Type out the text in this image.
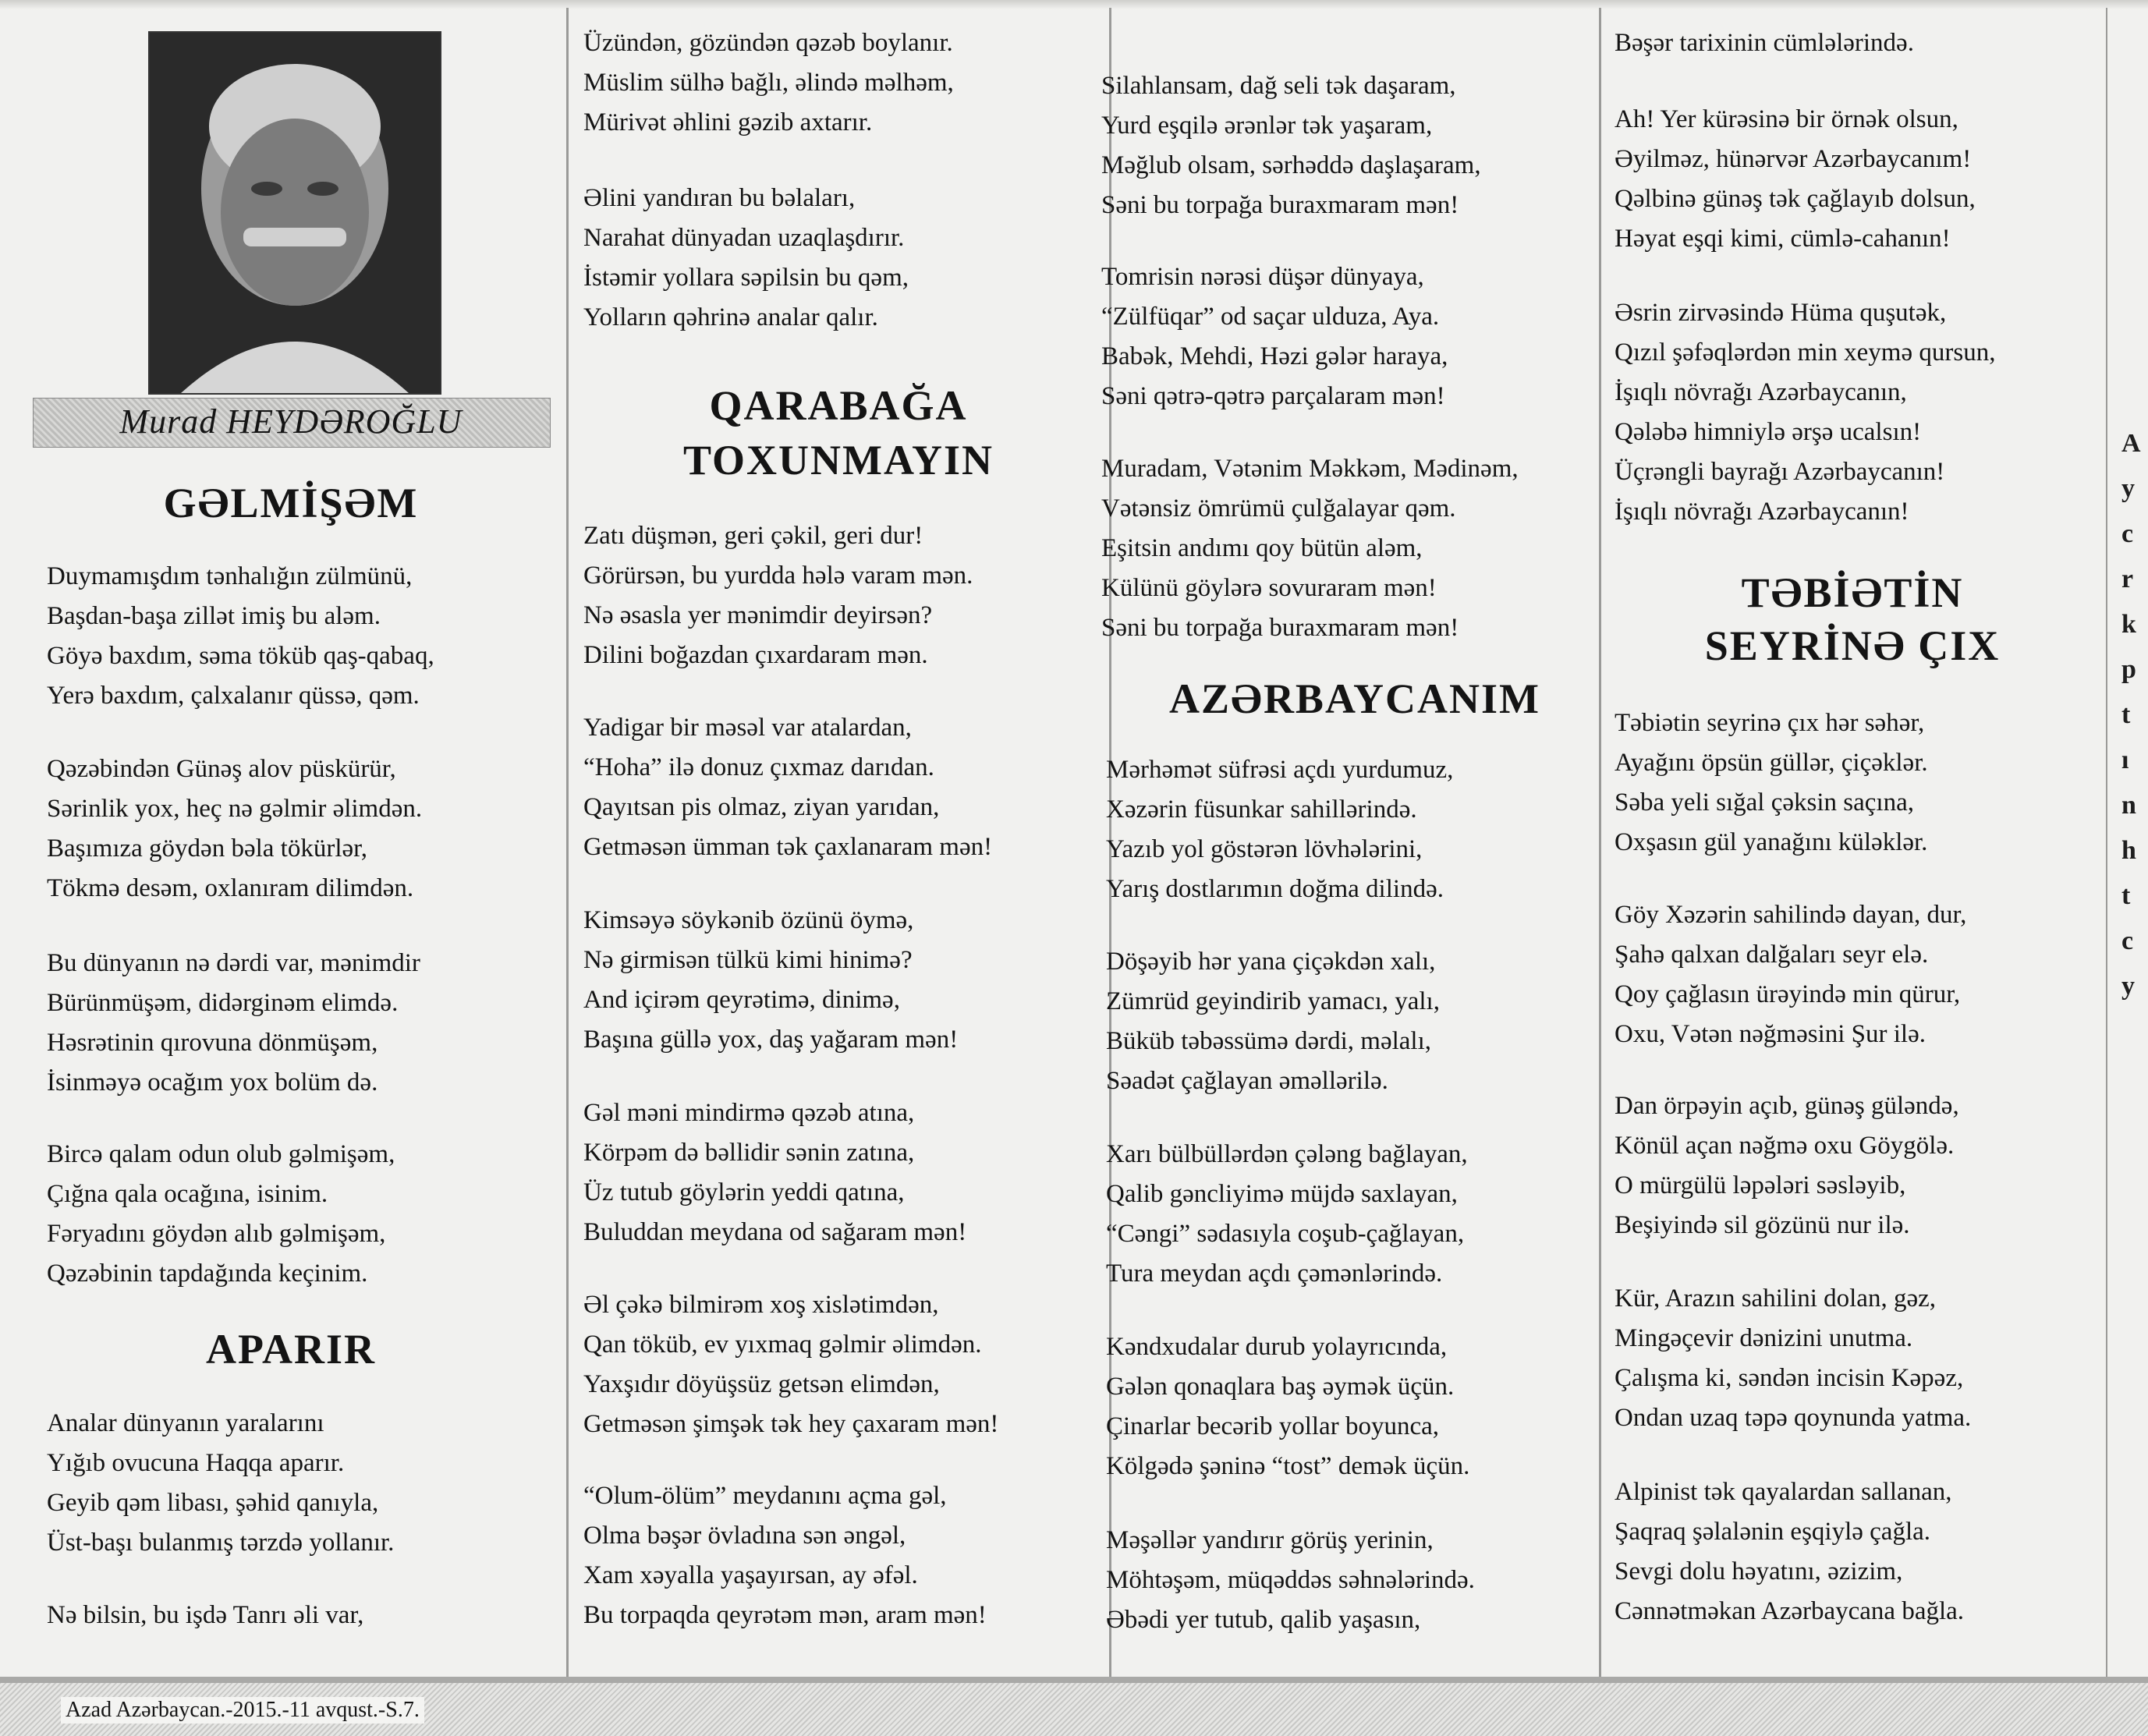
Murad HEYDƏROĞLU
GƏLMİŞƏM
Duymamışdım tənhalığın zülmünü,
Başdan-başa zillət imiş bu aləm.
Göyə baxdım, səma töküb qaş-qabaq,
Yerə baxdım, çalxalanır qüssə, qəm.
Qəzəbindən Günəş alov püskürür,
Sərinlik yox, heç nə gəlmir əlimdən.
Başımıza göydən bəla tökürlər,
Tökmə desəm, oxlanıram dilimdən.
Bu dünyanın nə dərdi var, mənimdir
Bürünmüşəm, didərginəm elimdə.
Həsrətinin qırovuna dönmüşəm,
İsinməyə ocağım yox bolüm də.
Bircə qalam odun olub gəlmişəm,
Çığna qala ocağına, isinim.
Fəryadını göydən alıb gəlmişəm,
Qəzəbinin tapdağında keçinim.
APARIR
Analar dünyanın yaralarını
Yığıb ovucuna Haqqa aparır.
Geyib qəm libası, şəhid qanıyla,
Üst-başı bulanmış tərzdə yollanır.
Nə bilsin, bu işdə Tanrı əli var,
Üzündən, gözündən qəzəb boylanır.
Müslim sülhə bağlı, əlində məlhəm,
Mürivət əhlini gəzib axtarır.
Əlini yandıran bu bəlaları,
Narahat dünyadan uzaqlaşdırır.
İstəmir yollara səpilsin bu qəm,
Yolların qəhrinə analar qalır.
QARABAĞA
TOXUNMAYIN
Zatı düşmən, geri çəkil, geri dur!
Görürsən, bu yurdda hələ varam mən.
Nə əsasla yer mənimdir deyirsən?
Dilini boğazdan çıxardaram mən.
Yadigar bir məsəl var atalardan,
“Hoha” ilə donuz çıxmaz darıdan.
Qayıtsan pis olmaz, ziyan yarıdan,
Getməsən ümman tək çaxlanaram mən!
Kimsəyə söykənib özünü öymə,
Nə girmisən tülkü kimi hinimə?
And içirəm qeyrətimə, dinimə,
Başına güllə yox, daş yağaram mən!
Gəl məni mindirmə qəzəb atına,
Körpəm də bəllidir sənin zatına,
Üz tutub göylərin yeddi qatına,
Buluddan meydana od sağaram mən!
Əl çəkə bilmirəm xoş xislətimdən,
Qan töküb, ev yıxmaq gəlmir əlimdən.
Yaxşıdır döyüşsüz getsən elimdən,
Getməsən şimşək tək hey çaxaram mən!
“Olum-ölüm” meydanını açma gəl,
Olma bəşər övladına sən əngəl,
Xam xəyalla yaşayırsan, ay əfəl.
Bu torpaqda qeyrətəm mən, aram mən!
Silahlansam, dağ seli tək daşaram,
Yurd eşqilə ərənlər tək yaşaram,
Məğlub olsam, sərhəddə daşlaşaram,
Səni bu torpağa buraxmaram mən!
Tomrisin nərəsi düşər dünyaya,
“Zülfüqar” od saçar ulduza, Aya.
Babək, Mehdi, Həzi gələr haraya,
Səni qətrə-qətrə parçalaram mən!
Muradam, Vətənim Məkkəm, Mədinəm,
Vətənsiz ömrümü çulğalayar qəm.
Eşitsin andımı qoy bütün aləm,
Külünü göylərə sovuraram mən!
Səni bu torpağa buraxmaram mən!
AZƏRBAYCANIM
Mərhəmət süfrəsi açdı yurdumuz,
Xəzərin füsunkar sahillərində.
Yazıb yol göstərən lövhələrini,
Yarış dostlarımın doğma dilində.
Döşəyib hər yana çiçəkdən xalı,
Zümrüd geyindirib yamacı, yalı,
Büküb təbəssümə dərdi, məlalı,
Səadət çağlayan əməllərilə.
Xarı bülbüllərdən çələng bağlayan,
Qalib gəncliyimə müjdə saxlayan,
“Cəngi” sədasıyla coşub-çağlayan,
Tura meydan açdı çəmənlərində.
Kəndxudalar durub yolayrıcında,
Gələn qonaqlara baş əymək üçün.
Çinarlar becərib yollar boyunca,
Kölgədə şəninə “tost” demək üçün.
Məşəllər yandırır görüş yerinin,
Möhtəşəm, müqəddəs səhnələrində.
Əbədi yer tutub, qalib yaşasın,
Bəşər tarixinin cümlələrində.
Ah! Yer kürəsinə bir örnək olsun,
Əyilməz, hünərvər Azərbaycanım!
Qəlbinə günəş tək çağlayıb dolsun,
Həyat eşqi kimi, cümlə-cahanın!
Əsrin zirvəsində Hüma quşutək,
Qızıl şəfəqlərdən min xeymə qursun,
İşıqlı növrağı Azərbaycanın,
Qələbə himniylə ərşə ucalsın!
Üçrəngli bayrağı Azərbaycanın!
İşıqlı növrağı Azərbaycanın!
TƏBİƏTİN
SEYRİNƏ ÇIX
Təbiətin seyrinə çıx hər səhər,
Ayağını öpsün güllər, çiçəklər.
Səba yeli sığal çəksin saçına,
Oxşasın gül yanağını küləklər.
Göy Xəzərin sahilində dayan, dur,
Şahə qalxan dalğaları seyr elə.
Qoy çağlasın ürəyində min qürur,
Oxu, Vətən nəğməsini Şur ilə.
Dan örpəyin açıb, günəş güləndə,
Könül açan nəğmə oxu Göygölə.
O mürgülü ləpələri səsləyib,
Beşiyində sil gözünü nur ilə.
Kür, Arazın sahilini dolan, gəz,
Mingəçevir dənizini unutma.
Çalışma ki, səndən incisin Kəpəz,
Ondan uzaq təpə qoynunda yatma.
Alpinist tək qayalardan sallanan,
Şaqraq şəlalənin eşqiylə çağla.
Sevgi dolu həyatını, əzizim,
Cənnətməkan Azərbaycana bağla.
A
y
c
r
k
p
t
ı
n
h
t
c
y
Azad Azərbaycan.-2015.-11 avqust.-S.7.
